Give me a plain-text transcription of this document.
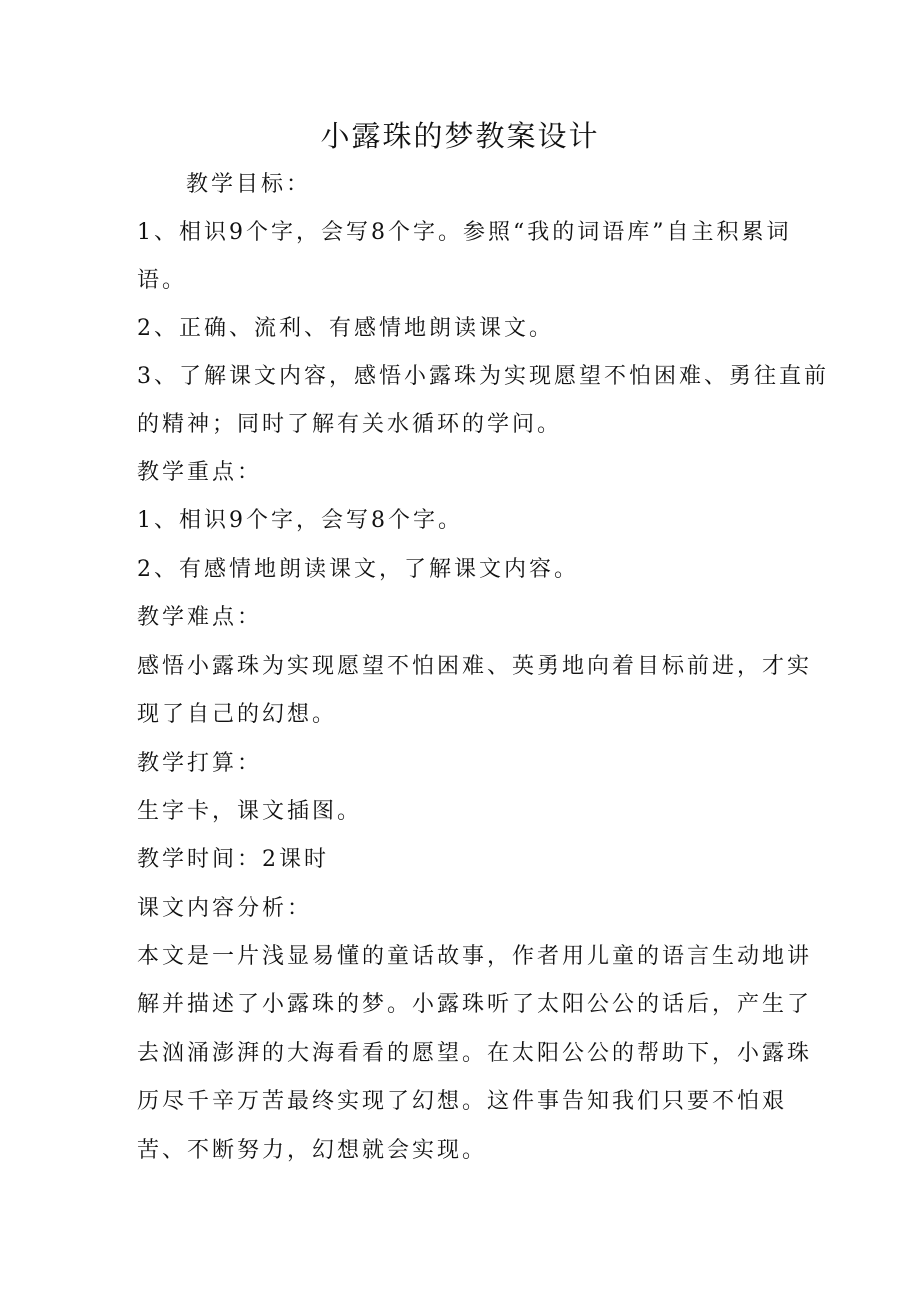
小露珠的梦教案设计
教学目标：
1、相识9个字，会写8个字。参照“我的词语库”自主积累词
语。
2、正确、流利、有感情地朗读课文。
3、了解课文内容，感悟小露珠为实现愿望不怕困难、勇往直前
的精神；同时了解有关水循环的学问。
教学重点：
1、相识9个字，会写8个字。
2、有感情地朗读课文，了解课文内容。
教学难点：
感悟小露珠为实现愿望不怕困难、英勇地向着目标前进，才实
现了自己的幻想。
教学打算：
生字卡，课文插图。
教学时间：2课时
课文内容分析：
本文是一片浅显易懂的童话故事，作者用儿童的语言生动地讲
解并描述了小露珠的梦。小露珠听了太阳公公的话后，产生了
去汹涌澎湃的大海看看的愿望。在太阳公公的帮助下，小露珠
历尽千辛万苦最终实现了幻想。这件事告知我们只要不怕艰
苦、不断努力，幻想就会实现。
